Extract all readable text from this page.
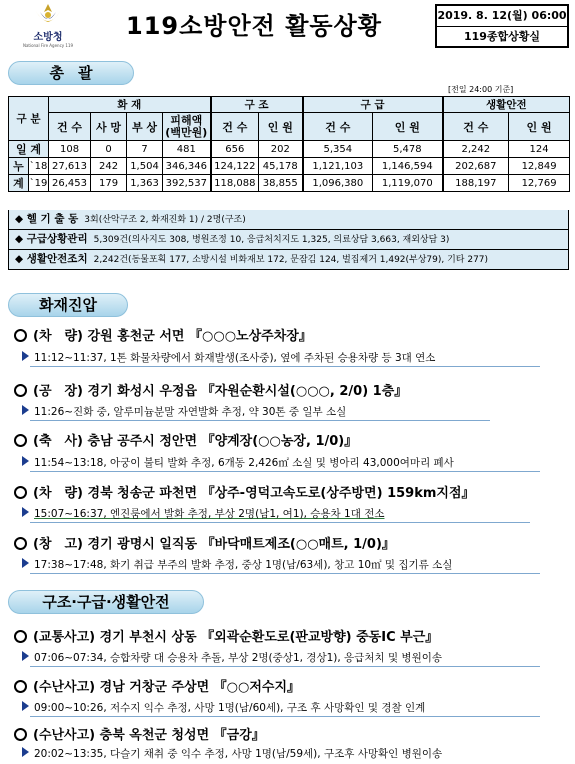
소방청
National Fire Agency 119
119소방안전 활동상황	2019. 8. 12(월) 06:00
119종합상황실
총괄
[전일 24:00 기준]
구 분		화 재				구 조		구 급		생활안전	
		건 수	사 망	부 상	피해액 (백만원)	건 수	인 원	건 수	인 원	건 수	인 원
일 계		108	0	7	481	656	202	5,354	5,478	2,242	124
누	`18	27,613	242	1,504	346,346	124,122	45,178	1,121,103	1,146,594	202,687	12,849
계	`19	26,453	179	1,363	392,537	118,088	38,855	1,096,380	1,119,070	188,197	12,769
◆ 헬 기 출 동 3회(산악구조 2, 화재진화 1) / 2명(구조)
◆ 구급상황관리 5,309건(의사지도 308, 병원조정 10, 응급처치지도 1,325, 의료상담 3,663, 재외상담 3)
◆ 생활안전조치 2,242건(동물포획 177, 소방시설 비화재보 172, 문잠김 124, 벌집제거 1,492(부상79), 기타 277)
화재진압
(차　량) 강원 홍천군 서면 『○○○노상주차장』
11:12~11:37, 1톤 화물차량에서 화재발생(조사중), 옆에 주차된 승용차량 등 3대 연소
(공　장) 경기 화성시 우정읍 『자원순환시설(○○○, 2/0) 1층』
11:26~진화 중, 알루미늄분말 자연발화 추정, 약 30톤 중 일부 소실
(축　사) 충남 공주시 정안면 『양계장(○○농장, 1/0)』
11:54~13:18, 아궁이 불티 발화 추정, 6개동 2,426㎡ 소실 및 병아리 43,000여마리 폐사
(차　량) 경북 청송군 파천면 『상주-영덕고속도로(상주방면) 159km지점』
15:07~16:37, 엔진룸에서 발화 추정, 부상 2명(남1, 여1), 승용차 1대 전소
(창　고) 경기 광명시 일직동 『바닥매트제조(○○매트, 1/0)』
17:38~17:48, 화기 취급 부주의 발화 추정, 중상 1명(남/63세), 창고 10㎡ 및 집기류 소실
구조·구급·생활안전
(교통사고) 경기 부천시 상동 『외곽순환도로(판교방향) 중동IC 부근』
07:06~07:34, 승합차량 대 승용차 추돌, 부상 2명(중상1, 경상1), 응급처치 및 병원이송
(수난사고) 경남 거창군 주상면 『○○저수지』
09:00~10:26, 저수지 익수 추정, 사망 1명(남/60세), 구조 후 사망확인 및 경찰 인계
(수난사고) 충북 옥천군 청성면 『금강』
20:02~13:35, 다슬기 채취 중 익수 추정, 사망 1명(남/59세), 구조후 사망확인 병원이송
